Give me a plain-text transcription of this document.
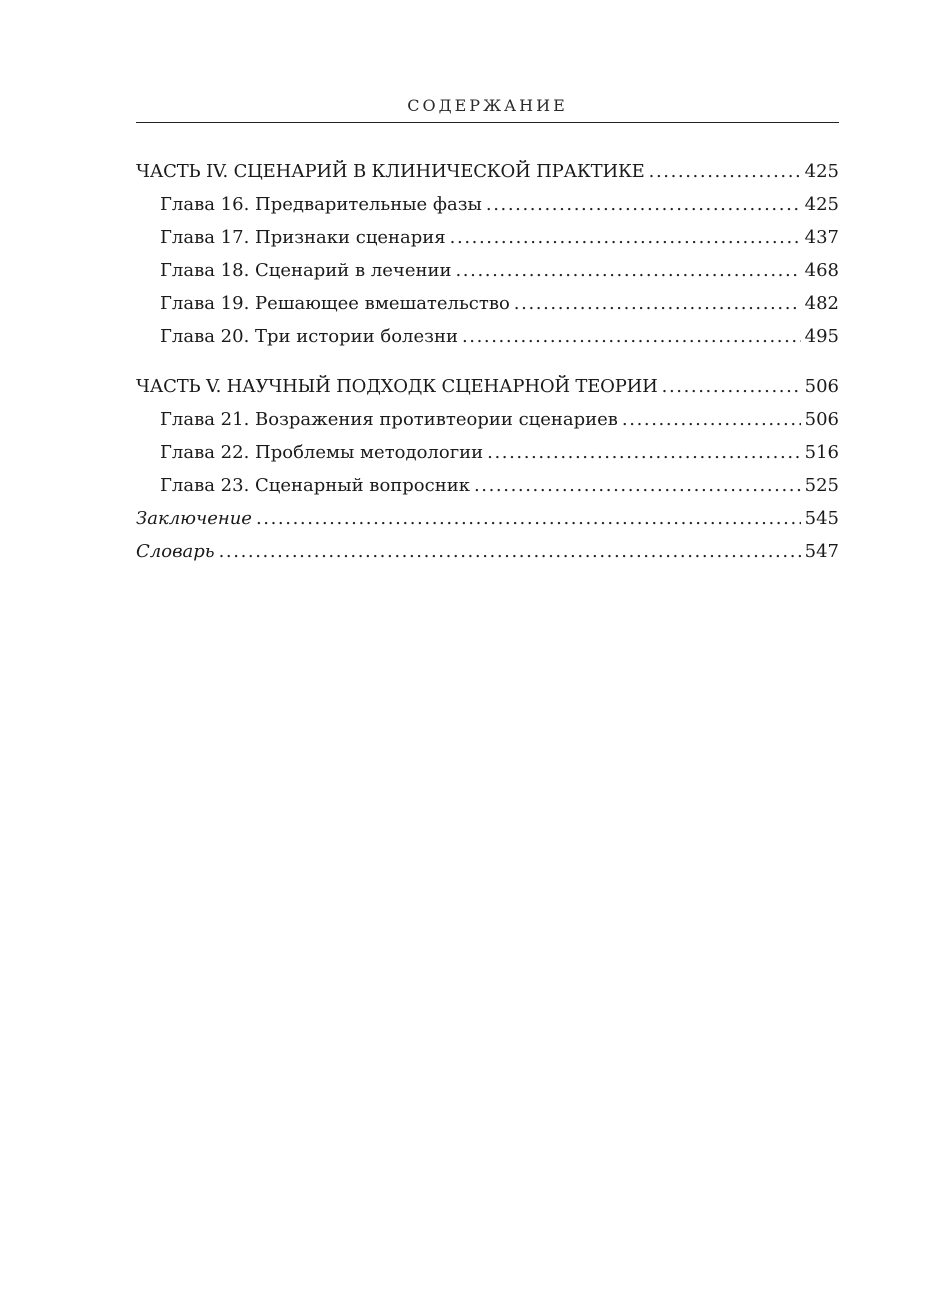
СОДЕРЖАНИЕ
ЧАСТЬ IV. СЦЕНАРИЙ В КЛИНИЧЕСКОЙ ПРАКТИКЕ .....	425
Глава 16. Предварительные фазы .....	425
Глава 17. Признаки сценария .....	437
Глава 18. Сценарий в лечении .....	468
Глава 19. Решающее вмешательство .....	482
Глава 20. Три истории болезни .....	495
ЧАСТЬ V. НАУЧНЫЙ ПОДХОДК СЦЕНАРНОЙ ТЕОРИИ .....	506
Глава 21. Возражения противтеории сценариев .....	506
Глава 22. Проблемы методологии .....	516
Глава 23. Сценарный вопросник .....	525
Заключение .....	545
Словарь .....	547
